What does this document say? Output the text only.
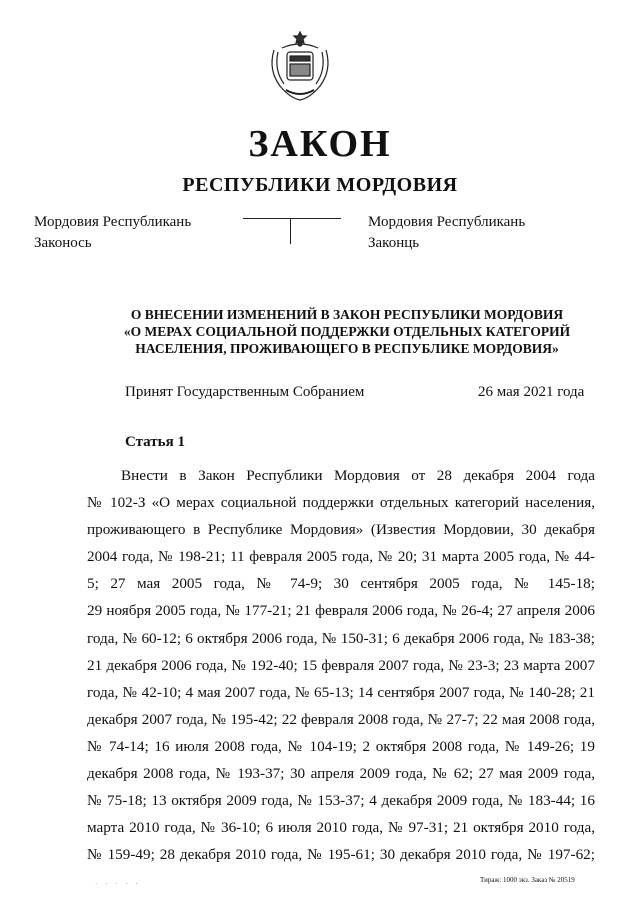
ЗАКОН
РЕСПУБЛИКИ МОРДОВИЯ
Мордовия Республикань
Законось
Мордовия Республикань
Законць
О ВНЕСЕНИИ ИЗМЕНЕНИЙ В ЗАКОН РЕСПУБЛИКИ МОРДОВИЯ
«О МЕРАХ СОЦИАЛЬНОЙ ПОДДЕРЖКИ ОТДЕЛЬНЫХ КАТЕГОРИЙ
НАСЕЛЕНИЯ, ПРОЖИВАЮЩЕГО В РЕСПУБЛИКЕ МОРДОВИЯ»
Принят Государственным Собранием	26 мая 2021 года
Статья 1
Внести в Закон Республики Мордовия от 28 декабря 2004 года
№ 102-З «О мерах социальной поддержки отдельных категорий населения,
проживающего в Республике Мордовия» (Известия Мордовии, 30 декабря
2004 года, № 198-21; 11 февраля 2005 года, № 20; 31 марта 2005 года, № 44-
5; 27 мая 2005 года, № 74-9; 30 сентября 2005 года, № 145-18;
29 ноября 2005 года, № 177-21; 21 февраля 2006 года, № 26-4; 27 апреля 2006
года, № 60-12; 6 октября 2006 года, № 150-31; 6 декабря 2006 года, № 183-38;
21 декабря 2006 года, № 192-40; 15 февраля 2007 года, № 23-3; 23 марта 2007
года, № 42-10; 4 мая 2007 года, № 65-13; 14 сентября 2007 года, № 140-28; 21
декабря 2007 года, № 195-42; 22 февраля 2008 года, № 27-7; 22 мая 2008 года,
№ 74-14; 16 июля 2008 года, № 104-19; 2 октября 2008 года, № 149-26; 19
декабря 2008 года, № 193-37; 30 апреля 2009 года, № 62; 27 мая 2009 года,
№ 75-18; 13 октября 2009 года, № 153-37; 4 декабря 2009 года, № 183-44; 16
марта 2010 года, № 36-10; 6 июля 2010 года, № 97-31; 21 октября 2010 года,
№ 159-49; 28 декабря 2010 года, № 195-61; 30 декабря 2010 года, № 197-62;
· · · · ·	Тираж: 1000 экз. Заказ № 20519
